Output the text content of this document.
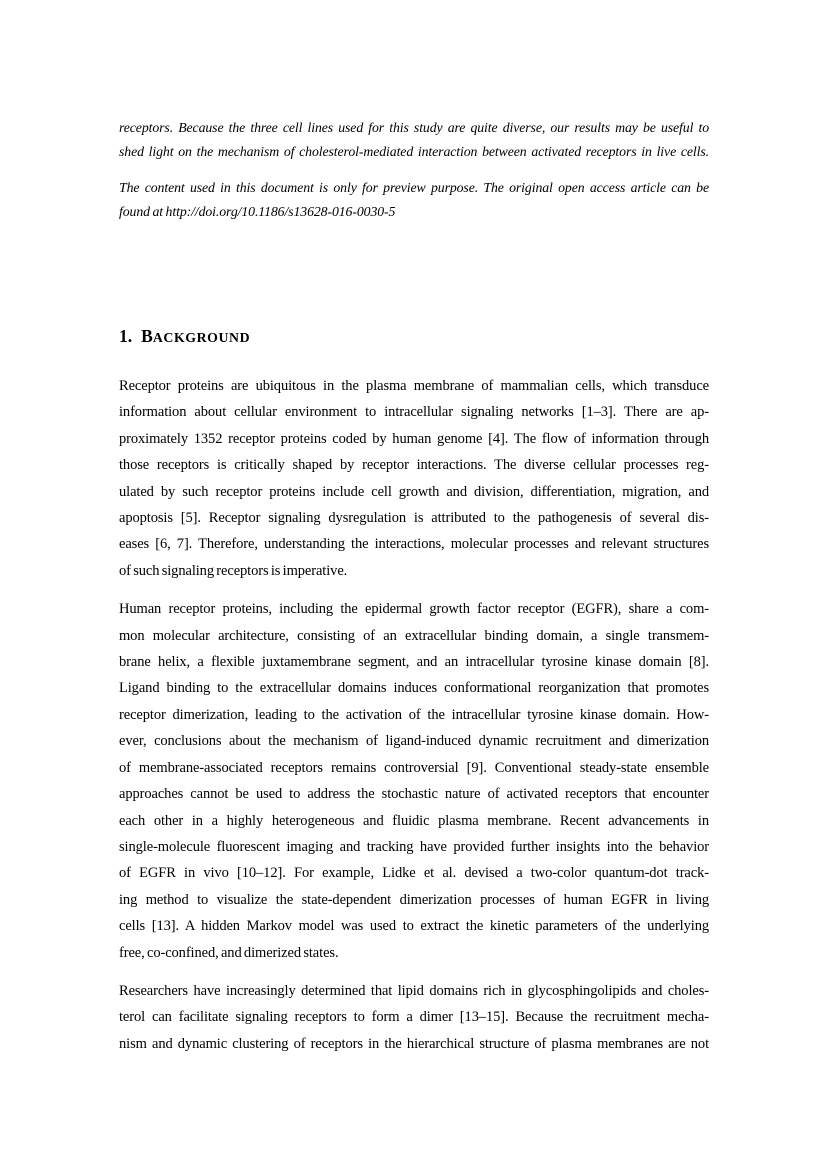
receptors. Because the three cell lines used for this study are quite diverse, our results may be useful to
shed light on the mechanism of cholesterol-mediated interaction between activated receptors in live cells.
The content used in this document is only for preview purpose. The original open access article can be
found at http://doi.org/10.1186/s13628-016-0030-5
1. BACKGROUND
Receptor proteins are ubiquitous in the plasma membrane of mammalian cells, which transduce
information about cellular environment to intracellular signaling networks [1–3]. There are ap-
proximately 1352 receptor proteins coded by human genome [4]. The flow of information through
those receptors is critically shaped by receptor interactions. The diverse cellular processes reg-
ulated by such receptor proteins include cell growth and division, differentiation, migration, and
apoptosis [5]. Receptor signaling dysregulation is attributed to the pathogenesis of several dis-
eases [6, 7]. Therefore, understanding the interactions, molecular processes and relevant structures
of such signaling receptors is imperative.
Human receptor proteins, including the epidermal growth factor receptor (EGFR), share a com-
mon molecular architecture, consisting of an extracellular binding domain, a single transmem-
brane helix, a flexible juxtamembrane segment, and an intracellular tyrosine kinase domain [8].
Ligand binding to the extracellular domains induces conformational reorganization that promotes
receptor dimerization, leading to the activation of the intracellular tyrosine kinase domain. How-
ever, conclusions about the mechanism of ligand-induced dynamic recruitment and dimerization
of membrane-associated receptors remains controversial [9]. Conventional steady-state ensemble
approaches cannot be used to address the stochastic nature of activated receptors that encounter
each other in a highly heterogeneous and fluidic plasma membrane. Recent advancements in
single-molecule fluorescent imaging and tracking have provided further insights into the behavior
of EGFR in vivo [10–12]. For example, Lidke et al. devised a two-color quantum-dot track-
ing method to visualize the state-dependent dimerization processes of human EGFR in living
cells [13]. A hidden Markov model was used to extract the kinetic parameters of the underlying
free, co-confined, and dimerized states.
Researchers have increasingly determined that lipid domains rich in glycosphingolipids and choles-
terol can facilitate signaling receptors to form a dimer [13–15]. Because the recruitment mecha-
nism and dynamic clustering of receptors in the hierarchical structure of plasma membranes are not
